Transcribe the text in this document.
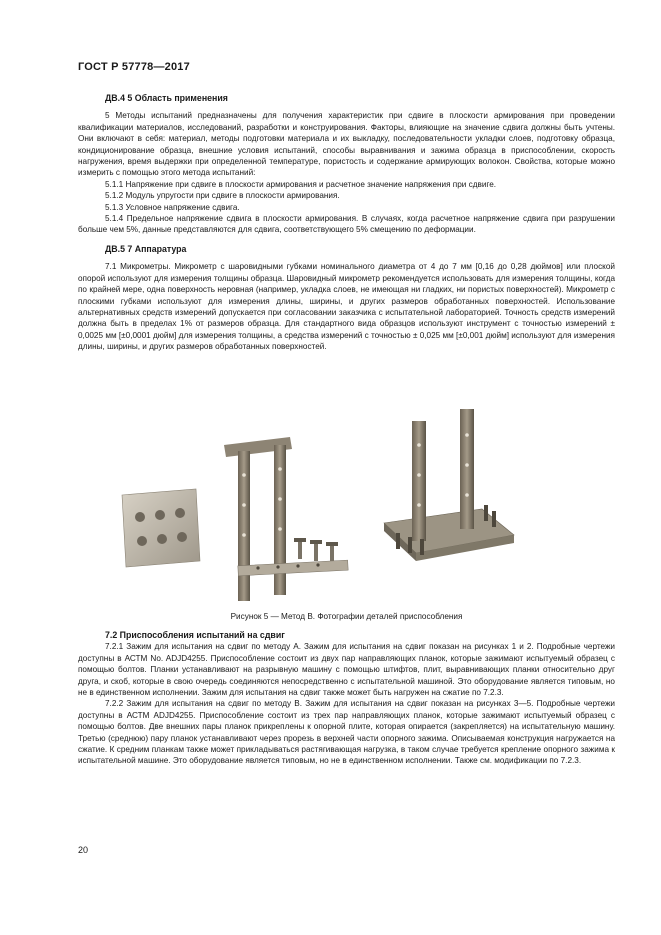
ГОСТ Р 57778—2017

ДВ.4 5 Область применения

5 Методы испытаний предназначены для получения характеристик при сдвиге в плоскости армирования при проведении квалификации материалов, исследований, разработки и конструирования. Факторы, влияющие на значение сдвига должны быть учтены. Они включают в себя: материал, методы подготовки материала и их выкладку, последовательности укладки слоев, подготовку образца, кондиционирование образца, внешние условия испытаний, способы выравнивания и зажима образца в приспособлении, скорость нагружения, время выдержки при определенной температуре, пористость и содержание армирующих волокон. Свойства, которые можно измерить с помощью этого метода испытаний:

5.1.1 Напряжение при сдвиге в плоскости армирования и расчетное значение напряжения при сдвиге.

5.1.2 Модуль упругости при сдвиге в плоскости армирования.

5.1.3 Условное напряжение сдвига.

5.1.4 Предельное напряжение сдвига в плоскости армирования. В случаях, когда расчетное напряжение сдвига при разрушении больше чем 5%, данные представляются для сдвига, соответствующего 5% смещению по деформации.

ДВ.5 7 Аппаратура

7.1 Микрометры. Микрометр с шаровидными губками номинального диаметра от 4 до 7 мм [0,16 до 0,28 дюймов] или плоской опорой используют для измерения толщины образца. Шаровидный микрометр рекомендуется использовать для измерения толщины, когда по крайней мере, одна поверхность неровная (например, укладка слоев, не имеющая ни гладких, ни пористых поверхностей). Микрометр с плоскими губками используют для измерения длины, ширины, и других размеров обработанных поверхностей. Использование альтернативных средств измерений допускается при согласовании заказчика с испытательной лабораторией. Точность средств измерений должна быть в пределах 1% от размеров образца. Для стандартного вида образцов используют инструмент с точностью измерений ± 0,0025 мм [±0,0001 дюйм] для измерения толщины, а средства измерений с точностью ± 0,025 мм [±0,001 дюйм] используют для измерения длины, ширины, и других размеров обработанных поверхностей.

Рисунок 5 — Метод В. Фотографии деталей приспособления

7.2 Приспособления испытаний на сдвиг

7.2.1 Зажим для испытания на сдвиг по методу А. Зажим для испытания на сдвиг показан на рисунках 1 и 2. Подробные чертежи доступны в АСТМ No. ADJD4255. Приспособление состоит из двух пар направляющих планок, которые зажимают испытуемый образец с помощью болтов. Планки устанавливают на разрывную машину с помощью штифтов, плит, выравнивающих планки относительно друг друга, и скоб, которые в свою очередь соединяются непосредственно с испытательной машиной. Это оборудование является типовым, но не в единственном исполнении. Зажим для испытания на сдвиг также может быть нагружен на сжатие по 7.2.3.

7.2.2 Зажим для испытания на сдвиг по методу В. Зажим для испытания на сдвиг показан на рисунках 3—5. Подробные чертежи доступны в АСТМ ADJD4255. Приспособление состоит из трех пар направляющих планок, которые зажимают испытуемый образец с помощью болтов. Две внешних пары планок прикреплены к опорной плите, которая опирается (закрепляется) на испытательную машину. Третью (среднюю) пару планок устанавливают через прорезь в верхней части опорного зажима. Описываемая конструкция нагружается на сжатие. К средним планкам также может прикладываться растягивающая нагрузка, в таком случае требуется крепление опорного зажима к испытательной машине. Это оборудование является типовым, но не в единственном исполнении. Также см. модификации по 7.2.3.

20
